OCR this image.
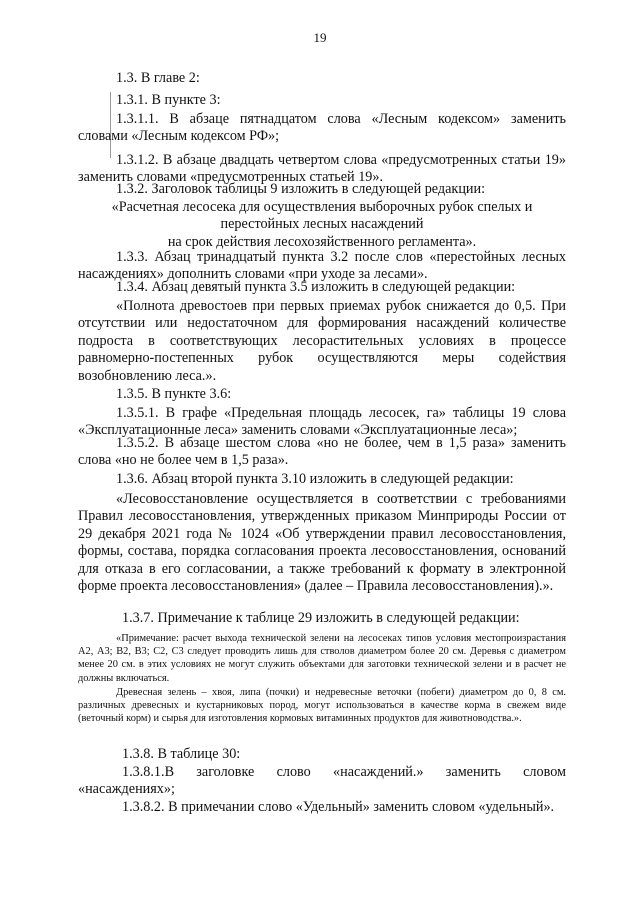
19

1.3. В главе 2:

1.3.1. В пункте 3:

1.3.1.1. В абзаце пятнадцатом слова «Лесным кодексом» заменить словами «Лесным кодексом РФ»;

1.3.1.2. В абзаце двадцать четвертом слова «предусмотренных статьи 19» заменить словами «предусмотренных статьей 19».

1.3.2. Заголовок таблицы 9 изложить в следующей редакции:

«Расчетная лесосека для осуществления выборочных рубок спелых и
перестойных лесных насаждений
на срок действия лесохозяйственного регламента».

1.3.3. Абзац тринадцатый пункта 3.2 после слов «перестойных лесных насаждениях» дополнить словами «при уходе за лесами».

1.3.4. Абзац девятый пункта 3.5 изложить в следующей редакции:

«Полнота древостоев при первых приемах рубок снижается до 0,5. При отсутствии или недостаточном для формирования насаждений количестве подроста в соответствующих лесорастительных условиях в процессе равномерно-постепенных рубок осуществляются меры содействия возобновлению леса.».

1.3.5. В пункте 3.6:

1.3.5.1. В графе «Предельная площадь лесосек, га» таблицы 19 слова «Эксплуатационные леса» заменить словами «Эксплуатационные леса»;

1.3.5.2. В абзаце шестом слова «но не более, чем в 1,5 раза» заменить слова «но не более чем в 1,5 раза».

1.3.6. Абзац второй пункта 3.10 изложить в следующей редакции:

«Лесовосстановление осуществляется в соответствии с требованиями Правил лесовосстановления, утвержденных приказом Минприроды России от 29 декабря 2021 года № 1024 «Об утверждении правил лесовосстановления, формы, состава, порядка согласования проекта лесовосстановления, оснований для отказа в его согласовании, а также требований к формату в электронной форме проекта лесовосстановления» (далее – Правила лесовосстановления).».

1.3.7. Примечание к таблице 29 изложить в следующей редакции:

«Примечание: расчет выхода технической зелени на лесосеках типов условия местопроизрастания А2, А3; В2, В3; С2, С3 следует проводить лишь для стволов диаметром более 20 см. Деревья с диаметром менее 20 см. в этих условиях не могут служить объектами для заготовки технической зелени и в расчет не должны включаться.

Древесная зелень – хвоя, липа (почки) и недревесные веточки (побеги) диаметром до 0, 8 см. различных древесных и кустарниковых пород, могут использоваться в качестве корма в свежем виде (веточный корм) и сырья для изготовления кормовых витаминных продуктов для животноводства.».

1.3.8. В таблице 30:

1.3.8.1.В заголовке слово «насаждений.» заменить словом «насаждениях»;

1.3.8.2. В примечании слово «Удельный» заменить словом «удельный».
